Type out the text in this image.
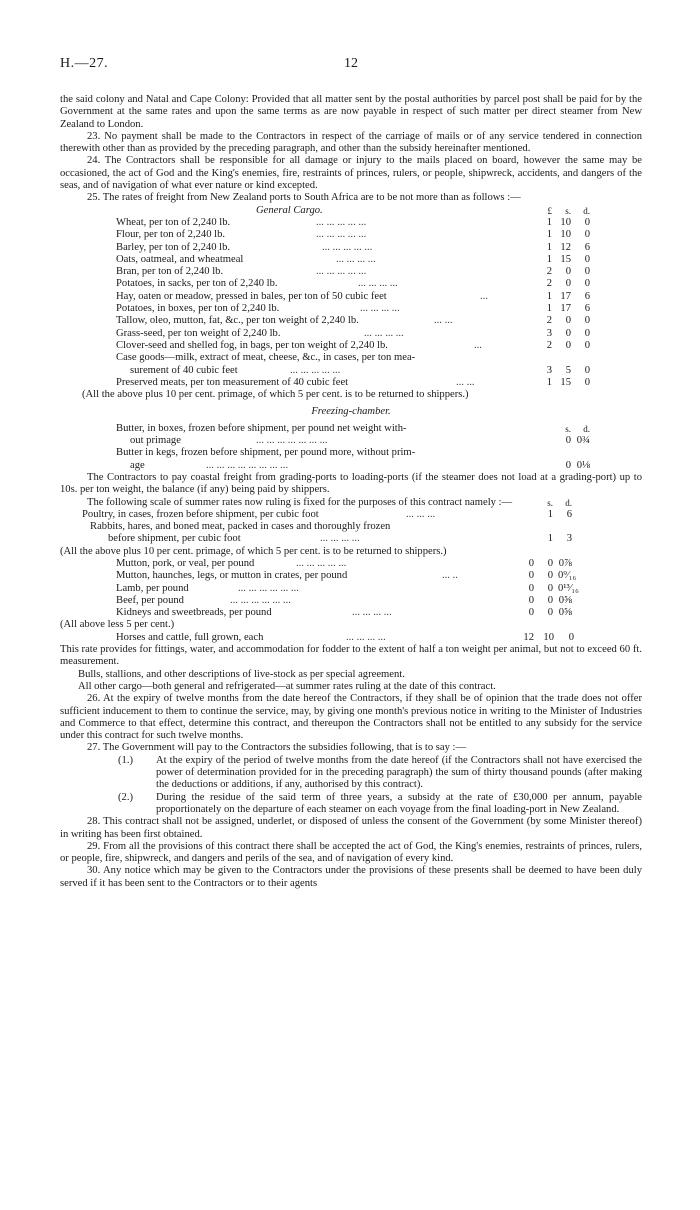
H.—27.	12

the said colony and Natal and Cape Colony: Provided that all matter sent by the postal authorities by parcel post shall be paid for by the Government at the same rates and upon the same terms as are now payable in respect of such matter per direct steamer from New Zealand to London.

23. No payment shall be made to the Contractors in respect of the carriage of mails or of any service tendered in connection therewith other than as provided by the preceding paragraph, and other than the subsidy hereinafter mentioned.

24. The Contractors shall be responsible for all damage or injury to the mails placed on board, however the same may be occasioned, the act of God and the King's enemies, fire, restraints of princes, rulers, or people, shipwreck, accidents, and dangers of the seas, and of navigation of what ever nature or kind excepted.

25. The rates of freight from New Zealand ports to South Africa are to be not more than as follows :—

General Cargo.	£	s.	d.
Wheat, per ton of 2,240 lb.	... ... ... ... ...	1 10	0
Flour, per ton of 2,240 lb.	... ... ... ... ...	1 10	0
Barley, per ton of 2,240 lb.	... ... ... ... ...	1 12	6
Oats, oatmeal, and wheatmeal	... ... ... ...	1 15	0
Bran, per ton of 2,240 lb.	... ... ... ... ...	2	0	0
Potatoes, in sacks, per ton of 2,240 lb.	... ... ... ...	2	0	0
Hay, oaten or meadow, pressed in bales, per ton of 50 cubic feet	...	1 17	6
Potatoes, in boxes, per ton of 2,240 lb.	... ... ... ...	1 17	6
Tallow, oleo, mutton, fat, &c., per ton weight of 2,240 lb.	... ...	2	0	0
Grass-seed, per ton weight of 2,240 lb.	... ... ... ...	3	0	0
Clover-seed and shelled fog, in bags, per ton weight of 2,240 lb.	...	2	0	0
Case goods—milk, extract of meat, cheese, &c., in cases, per ton mea-
surement of 40 cubic feet	... ... ... ... ...	3	5	0
Preserved meats, per ton measurement of 40 cubic feet	... ...	1 15	0

(All the above plus 10 per cent. primage, of which 5 per cent. is to be returned to shippers.)

Freezing-chamber.
Butter, in boxes, frozen before shipment, per pound net weight with-	s.	d.
out primage	... ... ... ... ... ... ...	0 0¾
Butter in kegs, frozen before shipment, per pound more, without prim-
age	... ... ... ... ... ... ... ...	0 0⅛

The Contractors to pay coastal freight from grading-ports to loading-ports (if the steamer does not load at a grading-port) up to 10s. per ton weight, the balance (if any) being paid by shippers.

The following scale of summer rates now ruling is fixed for the purposes of this contract namely :—	s.	d.
Poultry, in cases, frozen before shipment, per cubic foot	... ... ...	1	6
Rabbits, hares, and boned meat, packed in cases and thoroughly frozen
before shipment, per cubic foot	... ... ... ...	1	3

(All the above plus 10 per cent. primage, of which 5 per cent. is to be returned to shippers.)

Mutton, pork, or veal, per pound	... ... ... ... ...	0	0 0⅞
Mutton, haunches, legs, or mutton in crates, per pound	... ..	0	0 0⁹⁄₁₆
Lamb, per pound	... ... ... ... ... ...	0	0 0¹³⁄₁₆
Beef, per pound	... ... ... ... ... ...	0	0 0⅝
Kidneys and sweetbreads, per pound	... ... ... ...	0	0 0⅝

(All above less 5 per cent.)

Horses and cattle, full grown, each	... ... ... ...	12 10	0

This rate provides for fittings, water, and accommodation for fodder to the extent of half a ton weight per animal, but not to exceed 60 ft. measurement.

Bulls, stallions, and other descriptions of live-stock as per special agreement.

All other cargo—both general and refrigerated—at summer rates ruling at the date of this contract.

26. At the expiry of twelve months from the date hereof the Contractors, if they shall be of opinion that the trade does not offer sufficient inducement to them to continue the service, may, by giving one month's previous notice in writing to the Minister of Industries and Commerce to that effect, determine this contract, and thereupon the Contractors shall not be entitled to any subsidy for the service under this contract for such twelve months.

27. The Government will pay to the Contractors the subsidies following, that is to say :—

(1.) At the expiry of the period of twelve months from the date hereof (if the Contractors shall not have exercised the power of determination provided for in the preceding paragraph) the sum of thirty thousand pounds (after making the deductions or additions, if any, authorised by this contract).
(2.) During the residue of the said term of three years, a subsidy at the rate of £30,000 per annum, payable proportionately on the departure of each steamer on each voyage from the final loading-port in New Zealand.

28. This contract shall not be assigned, underlet, or disposed of unless the consent of the Government (by some Minister thereof) in writing has been first obtained.

29. From all the provisions of this contract there shall be accepted the act of God, the King's enemies, restraints of princes, rulers, or people, fire, shipwreck, and dangers and perils of the sea, and of navigation of every kind.

30. Any notice which may be given to the Contractors under the provisions of these presents shall be deemed to have been duly served if it has been sent to the Contractors or to their agents
